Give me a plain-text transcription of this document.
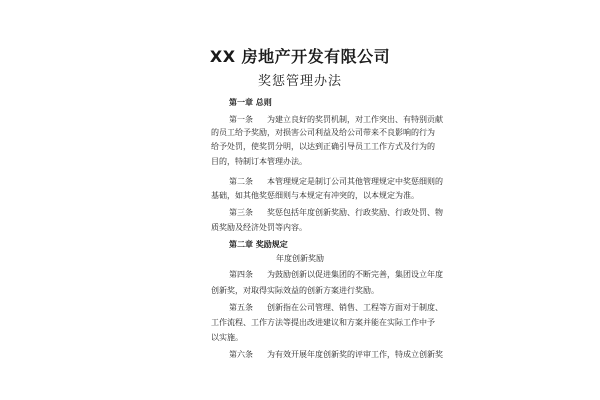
XX 房地产开发有限公司
奖惩管理办法
第一章 总则
第一条 为建立良好的奖罚机制，对工作突出、有特别贡献
的员工给予奖励，对损害公司利益及给公司带来不良影响的行为
给予处罚，使奖罚分明，以达到正确引导员工工作方式及行为的
目的，特制订本管理办法。
第二条 本管理规定是制订公司其他管理规定中奖惩细则的
基础，如其他奖惩细则与本规定有冲突的，以本规定为准。
第三条 奖惩包括年度创新奖励、行政奖励、行政处罚、物
质奖励及经济处罚等内容。
第二章 奖励规定
年度创新奖励
第四条 为鼓励创新以促进集团的不断完善，集团设立年度
创新奖，对取得实际效益的创新方案进行奖励。
第五条 创新指在公司管理、销售、工程等方面对于制度、
工作流程、工作方法等提出改进建议和方案并能在实际工作中予
以实施。
第六条 为有效开展年度创新奖的评审工作，特成立创新奖
